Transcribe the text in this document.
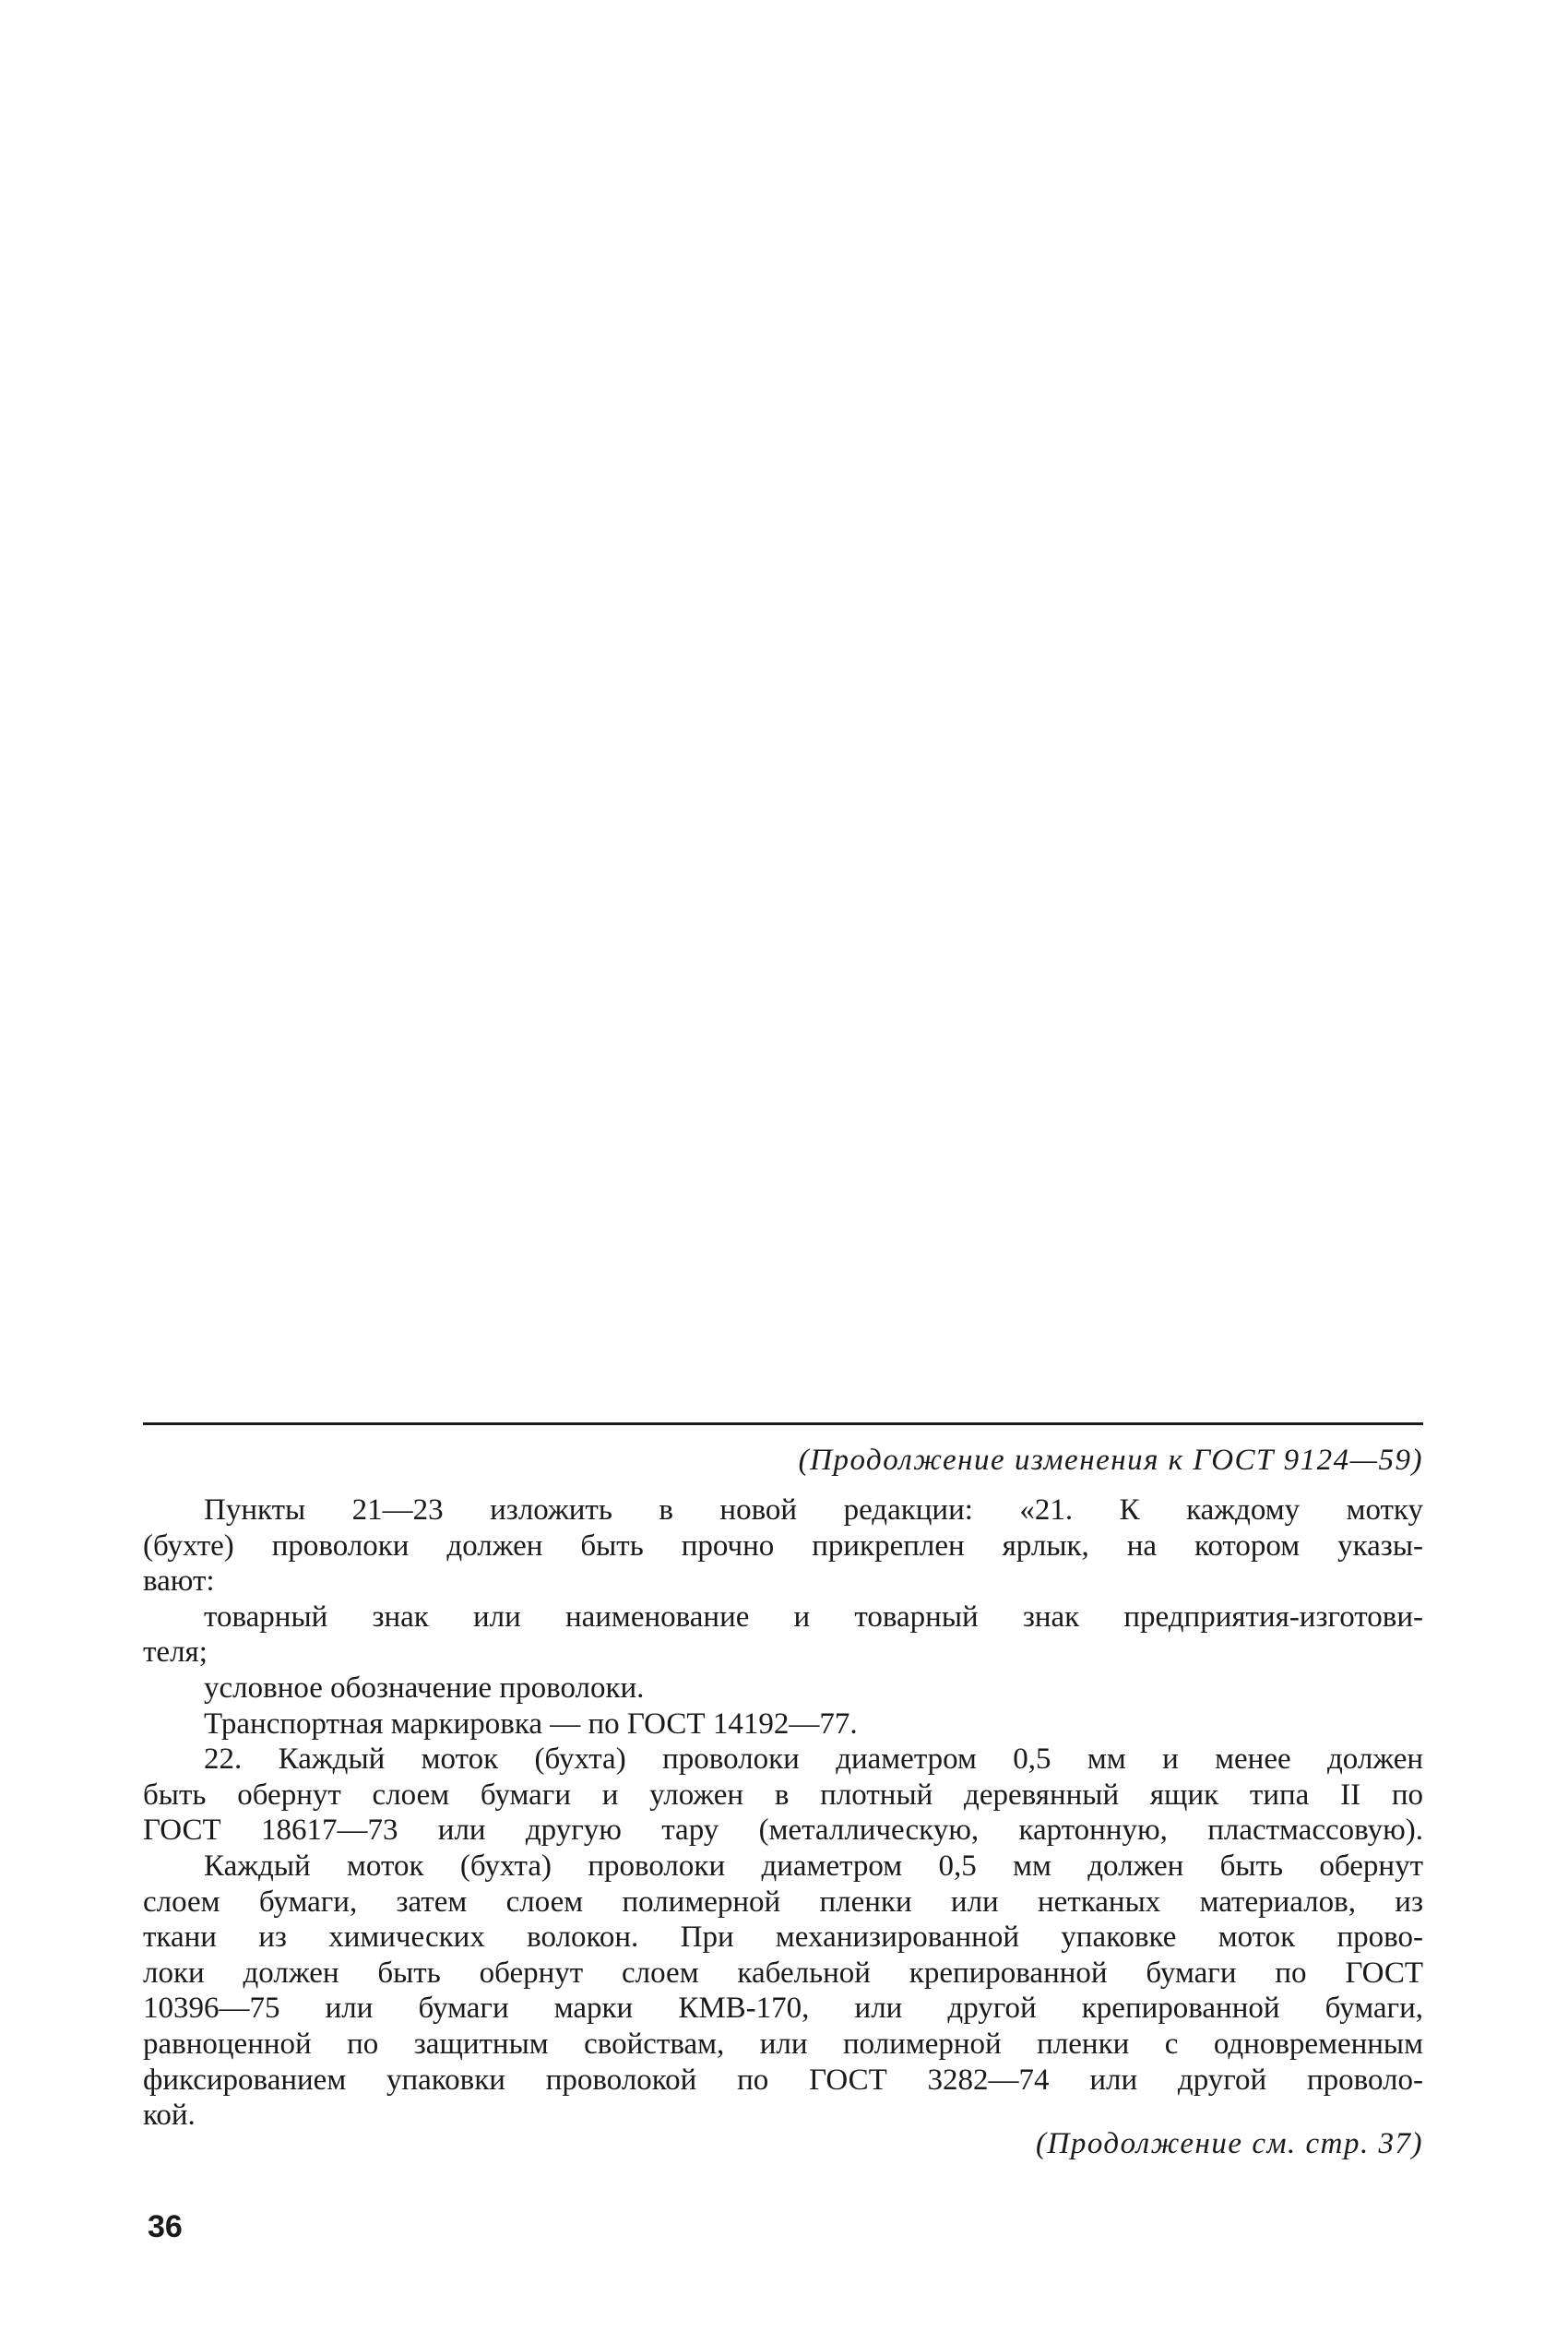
(Продолжение изменения к ГОСТ 9124—59)
Пункты 21—23 изложить в новой редакции: «21. К каждому мотку
(бухте) проволоки должен быть прочно прикреплен ярлык, на котором указы-
вают:
товарный знак или наименование и товарный знак предприятия-изготови-
теля;
условное обозначение проволоки.
Транспортная маркировка — по ГОСТ 14192—77.
22. Каждый моток (бухта) проволоки диаметром 0,5 мм и менее должен
быть обернут слоем бумаги и уложен в плотный деревянный ящик типа II по
ГОСТ 18617—73 или другую тару (металлическую, картонную, пластмассовую).
Каждый моток (бухта) проволоки диаметром 0,5 мм должен быть обернут
слоем бумаги, затем слоем полимерной пленки или нетканых материалов, из
ткани из химических волокон. При механизированной упаковке моток прово-
локи должен быть обернут слоем кабельной крепированной бумаги по ГОСТ
10396—75 или бумаги марки КМВ-170, или другой крепированной бумаги,
равноценной по защитным свойствам, или полимерной пленки с одновременным
фиксированием упаковки проволокой по ГОСТ 3282—74 или другой проволо-
кой.
(Продолжение см. стр. 37)
36
